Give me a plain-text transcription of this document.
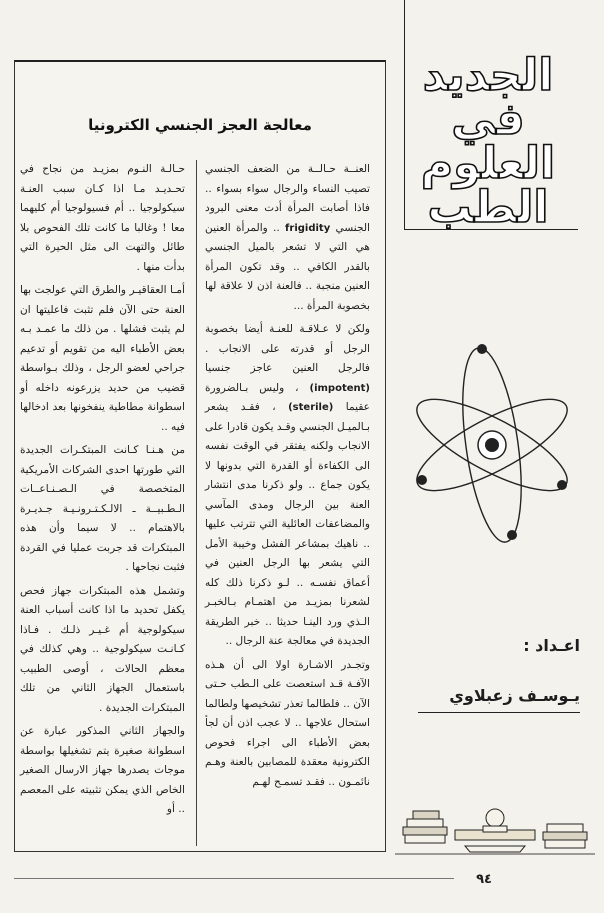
معالجة العجز الجنسي الكترونيا

العنــة حـالــة من الضعف الجنسي تصيب النساء والرجال سواء بسواء .. فاذا أصابت المرأة أدت معنى البرود الجنسي frigidity .. والمرأة العنين هي التي لا تشعر بالميل الجنسي بالقدر الكافي .. وقد تكون المرأة العنين منجبة .. فالعنة اذن لا علاقة لها بخصوبة المرأة ...

ولكن لا عـلاقـة للعنـة أيضا بخصوبة الرجل أو قدرته على الانجاب . فالرجل العنين عاجز جنسيا (impotent) ، وليس بـالضرورة عقيما (sterile) ، فقـد يشعر بـالميـل الجنسي وقـد يكون قادرا على الانجاب ولكنه يفتقر في الوقت نفسه الى الكفاءة أو القدرة التي بدونها لا يكون جماع .. ولو ذكرنا مدى انتشار العنة بين الرجال ومدى المآسي والمضاعفات العائلية التي تترتب عليها .. ناهيك بمشاعر الفشل وخيبة الأمل التي يشعر بها الرجل العنين في أعماق نفسـه .. لـو ذكرنا ذلك كله لشعرنا بمزيـد من اهتمـام بـالخبـر الـذي ورد الينـا حديثا .. خبر الطريقة الجديدة في معالجة عنة الرجال ..

وتجـدر الاشـارة اولا الى أن هـذه الآفـة قـد استعصت على الـطب حـتى الآن .. فلطالما تعذر تشخيصها ولطالما استحال علاجها .. لا عجب اذن أن لجأ بعض الأطباء الى اجراء فحوص الكترونية معقدة للمصابين بالعنة وهـم نائمـون .. فقـد تسمـح لهـم

حـالـة النـوم بمزيـد من نجاح في تحـديـد مـا اذا كـان سبب العنـة سيكولوجيا .. أم فسيولوجيا أم كليهما معا ! وغالبا ما كانت تلك الفحوص بلا طائل والتهت الى مثل الحيرة التي بدأت منها .

أمـا العقاقيـر والطرق التي عولجت بها العنة حتى الآن فلم تثبت فاعليتها ان لم يثبت فشلها . من ذلك ما عمـد بـه بعض الأطباء اليه من تقويم أو تدعيم جراحي لعضو الرجل ، وذلك بـواسطة قضيب من حديد يزرعونه داخله أو اسطوانة مطاطية ينفخونها بعد ادخالها فيه ..

من هـنـا كـانت المبتكـرات الجديدة التي طورتها احدى الشركات الأمريكية المتخصصة في الـصـنـاعــات الـطـبيــة ـ الالـكـتـرونـيـة جـديـرة بالاهتمام .. لا سيما وأن هذه المبتكرات قد جربت عمليا في القردة فثبت نجاحها .

وتشمل هذه المبتكرات جهاز فحص يكفل تحديد ما اذا كانت أسباب العنة سيكولوجية أم غـيـر ذلـك . فـاذا كـانـت سيكولوجية .. وهي كذلك في معظم الحالات ، أوصى الطبيب باستعمال الجهاز الثاني من تلك المبتكرات الجديدة .

والجهاز الثاني المذكور عبارة عن اسطوانة صغيرة يتم تشغيلها بواسطة موجات يصدرها جهاز الارسال الصغير الخاص الذي يمكن تثبيته على المعصم .. أو

الجديد
في
العلوم
الطب
اعـداد :
يـوسـف زعبلاوي
٩٤
